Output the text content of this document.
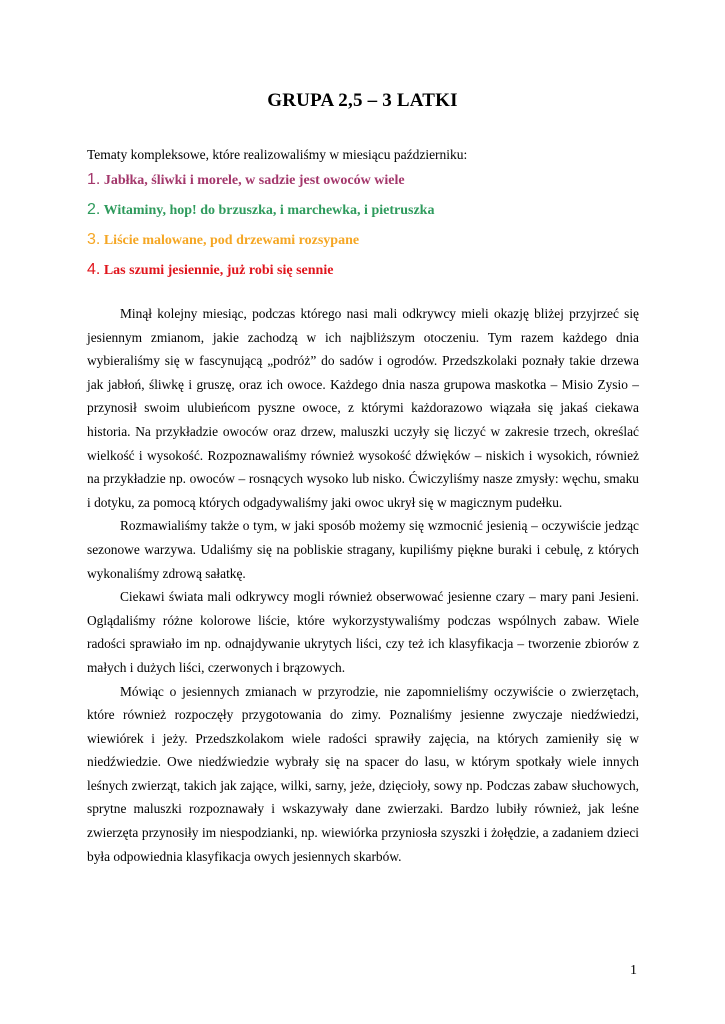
GRUPA 2,5 – 3 LATKI
Tematy kompleksowe, które realizowaliśmy w miesiącu październiku:
1. Jabłka, śliwki i morele, w sadzie jest owoców wiele
2. Witaminy, hop! do brzuszka, i marchewka, i pietruszka
3. Liście malowane, pod drzewami rozsypane
4. Las szumi jesiennie, już robi się sennie

Minął kolejny miesiąc, podczas którego nasi mali odkrywcy mieli okazję bliżej przyjrzeć się jesiennym zmianom, jakie zachodzą w ich najbliższym otoczeniu. Tym razem każdego dnia wybieraliśmy się w fascynującą „podróż” do sadów i ogrodów. Przedszkolaki poznały takie drzewa jak jabłoń, śliwkę i gruszę, oraz ich owoce. Każdego dnia nasza grupowa maskotka – Misio Zysio – przynosił swoim ulubieńcom pyszne owoce, z którymi każdorazowo wiązała się jakaś ciekawa historia. Na przykładzie owoców oraz drzew, maluszki uczyły się liczyć w zakresie trzech, określać wielkość i wysokość. Rozpoznawaliśmy również wysokość dźwięków – niskich i wysokich, również na przykładzie np. owoców – rosnących wysoko lub nisko. Ćwiczyliśmy nasze zmysły: węchu, smaku i dotyku, za pomocą których odgadywaliśmy jaki owoc ukrył się w magicznym pudełku.

Rozmawialiśmy także o tym, w jaki sposób możemy się wzmocnić jesienią – oczywiście jedząc sezonowe warzywa. Udaliśmy się na pobliskie stragany, kupiliśmy piękne buraki i cebulę, z których wykonaliśmy zdrową sałatkę.

Ciekawi świata mali odkrywcy mogli również obserwować jesienne czary – mary pani Jesieni. Oglądaliśmy różne kolorowe liście, które wykorzystywaliśmy podczas wspólnych zabaw. Wiele radości sprawiało im np. odnajdywanie ukrytych liści, czy też ich klasyfikacja – tworzenie zbiorów z małych i dużych liści, czerwonych i brązowych.

Mówiąc o jesiennych zmianach w przyrodzie, nie zapomnieliśmy oczywiście o zwierzętach, które również rozpoczęły przygotowania do zimy. Poznaliśmy jesienne zwyczaje niedźwiedzi, wiewiórek i jeży. Przedszkolakom wiele radości sprawiły zajęcia, na których zamieniły się w niedźwiedzie. Owe niedźwiedzie wybrały się na spacer do lasu, w którym spotkały wiele innych leśnych zwierząt, takich jak zające, wilki, sarny, jeże, dzięcioły, sowy np. Podczas zabaw słuchowych, sprytne maluszki rozpoznawały i wskazywały dane zwierzaki. Bardzo lubiły również, jak leśne zwierzęta przynosiły im niespodzianki, np. wiewiórka przyniosła szyszki i żołędzie, a zadaniem dzieci była odpowiednia klasyfikacja owych jesiennych skarbów.

1
